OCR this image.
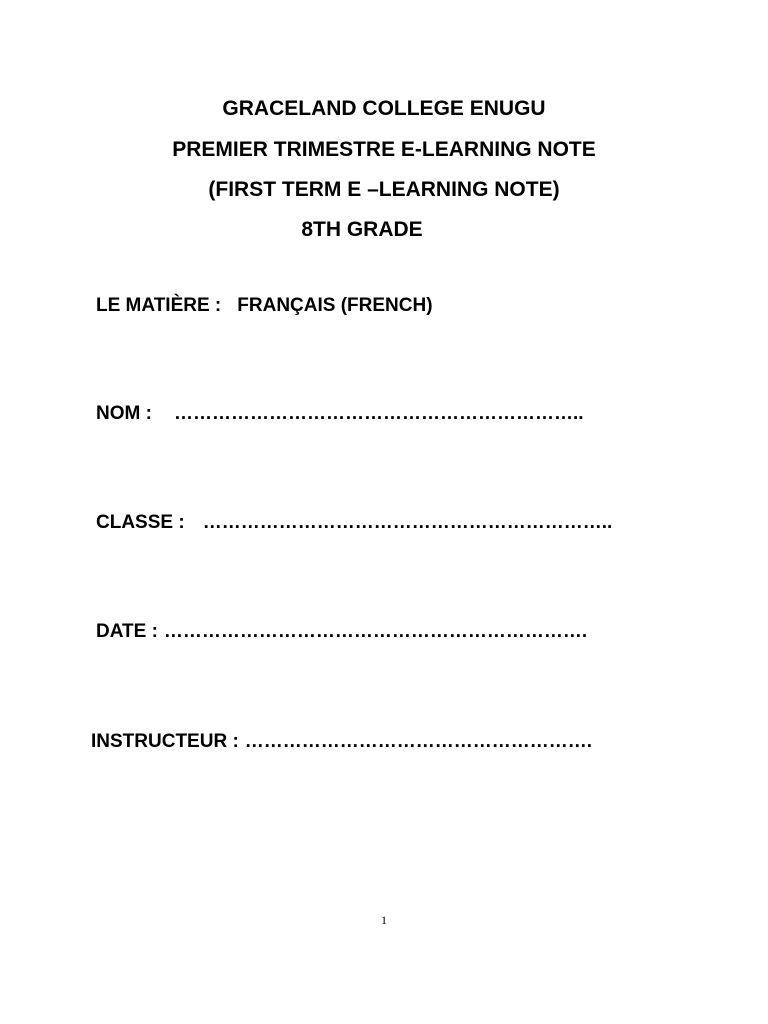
GRACELAND COLLEGE ENUGU
PREMIER TRIMESTRE E-LEARNING NOTE
(FIRST TERM E –LEARNING NOTE)
8TH GRADE
LE MATIÈRE : FRANÇAIS (FRENCH)
NOM : ………………………………………………………..
CLASSE : ………………………………………………………..
DATE : ………………………………………………………….
INSTRUCTEUR : ……………………………………………….
1
